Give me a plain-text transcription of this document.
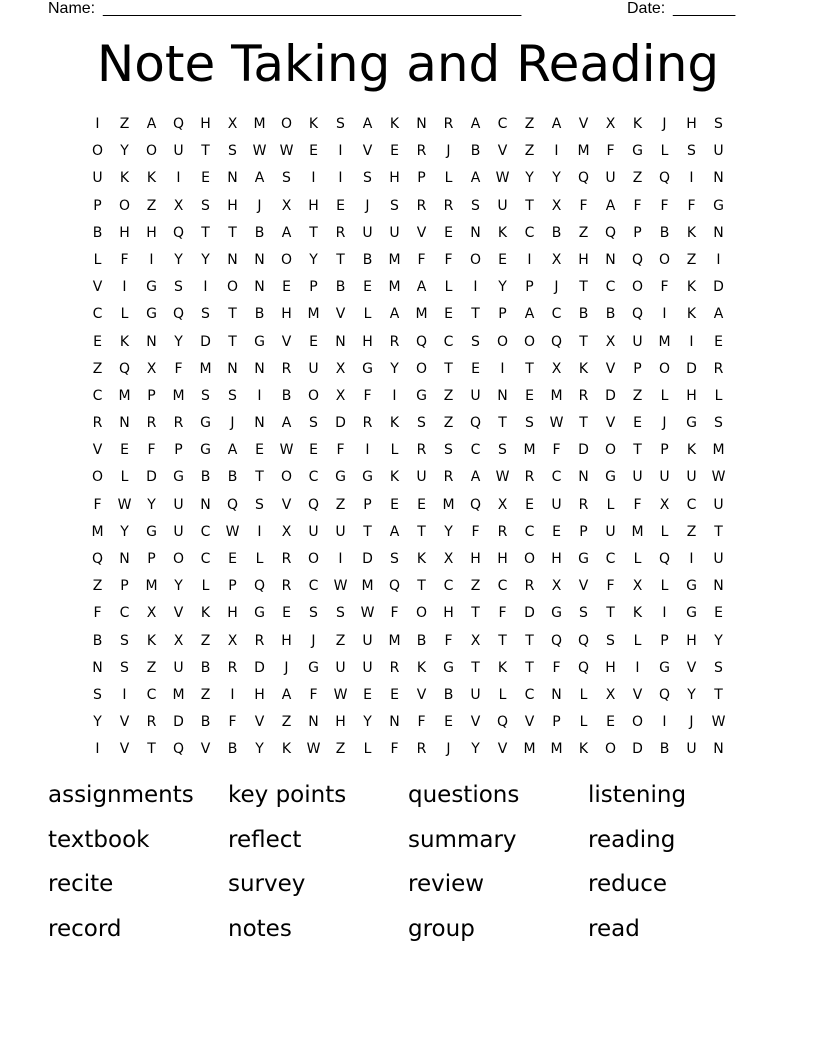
Name: _______________________________________________	Date: _______
Note Taking and Reading
I	Z	A	Q	H	X	M	O	K	S	A	K	N	R	A	C	Z	A	V	X	K	J	H	S
O	Y	O	U	T	S	W W	E	I	V	E	R	J	B	V	Z	I	M	F	G	L	S	U
U	K	K	I	E	N	A	S	I	I	S	H	P	L	A	W	Y	Y	Q	U	Z	Q	I	N
P	O	Z	X	S	H	J	X	H	E	J	S	R	R	S	U	T	X	F	A	F	F	F	G
B	H	H	Q	T	T	B	A	T	R	U	U	V	E	N	K	C	B	Z	Q	P	B	K	N
L	F	I	Y	Y	N	N	O	Y	T	B	M	F	F	O	E	I	X	H	N	Q	O	Z	I
V	I	G	S	I	O	N	E	P	B	E	M	A	L	I	Y	P	J	T	C	O	F	K	D
C	L	G	Q	S	T	B	H	M	V	L	A	M	E	T	P	A	C	B	B	Q	I	K	A
E	K	N	Y	D	T	G	V	E	N	H	R	Q	C	S	O	O	Q	T	X	U	M	I	E
Z	Q	X	F	M	N	N	R	U	X	G	Y	O	T	E	I	T	X	K	V	P	O	D	R
C	M	P	M	S	S	I	B	O	X	F	I	G	Z	U	N	E	M	R	D	Z	L	H	L
R	N	R	R	G	J	N	A	S	D	R	K	S	Z	Q	T	S	W	T	V	E	J	G	S
V	E	F	P	G	A	E	W	E	F	I	L	R	S	C	S	M	F	D	O	T	P	K	M
O	L	D	G	B	B	T	O	C	G	G	K	U	R	A	W	R	C	N	G	U	U	U	W
F	W	Y	U	N	Q	S	V	Q	Z	P	E	E	M	Q	X	E	U	R	L	F	X	C	U
M	Y	G	U	C	W	I	X	U	U	T	A	T	Y	F	R	C	E	P	U	M	L	Z	T
Q	N	P	O	C	E	L	R	O	I	D	S	K	X	H	H	O	H	G	C	L	Q	I	U
Z	P	M	Y	L	P	Q	R	C	W	M	Q	T	C	Z	C	R	X	V	F	X	L	G	N
F	C	X	V	K	H	G	E	S	S	W	F	O	H	T	F	D	G	S	T	K	I	G	E
B	S	K	X	Z	X	R	H	J	Z	U	M	B	F	X	T	T	Q	Q	S	L	P	H	Y
N	S	Z	U	B	R	D	J	G	U	U	R	K	G	T	K	T	F	Q	H	I	G	V	S
S	I	C	M	Z	I	H	A	F	W	E	E	V	B	U	L	C	N	L	X	V	Q	Y	T
Y	V	R	D	B	F	V	Z	N	H	Y	N	F	E	V	Q	V	P	L	E	O	I	J	W
I	V	T	Q	V	B	Y	K	W	Z	L	F	R	J	Y	V	M	M	K	O	D	B	U	N
assignments	key points	questions	listening
textbook	reflect	summary	reading
recite	survey	review	reduce
record	notes	group	read
